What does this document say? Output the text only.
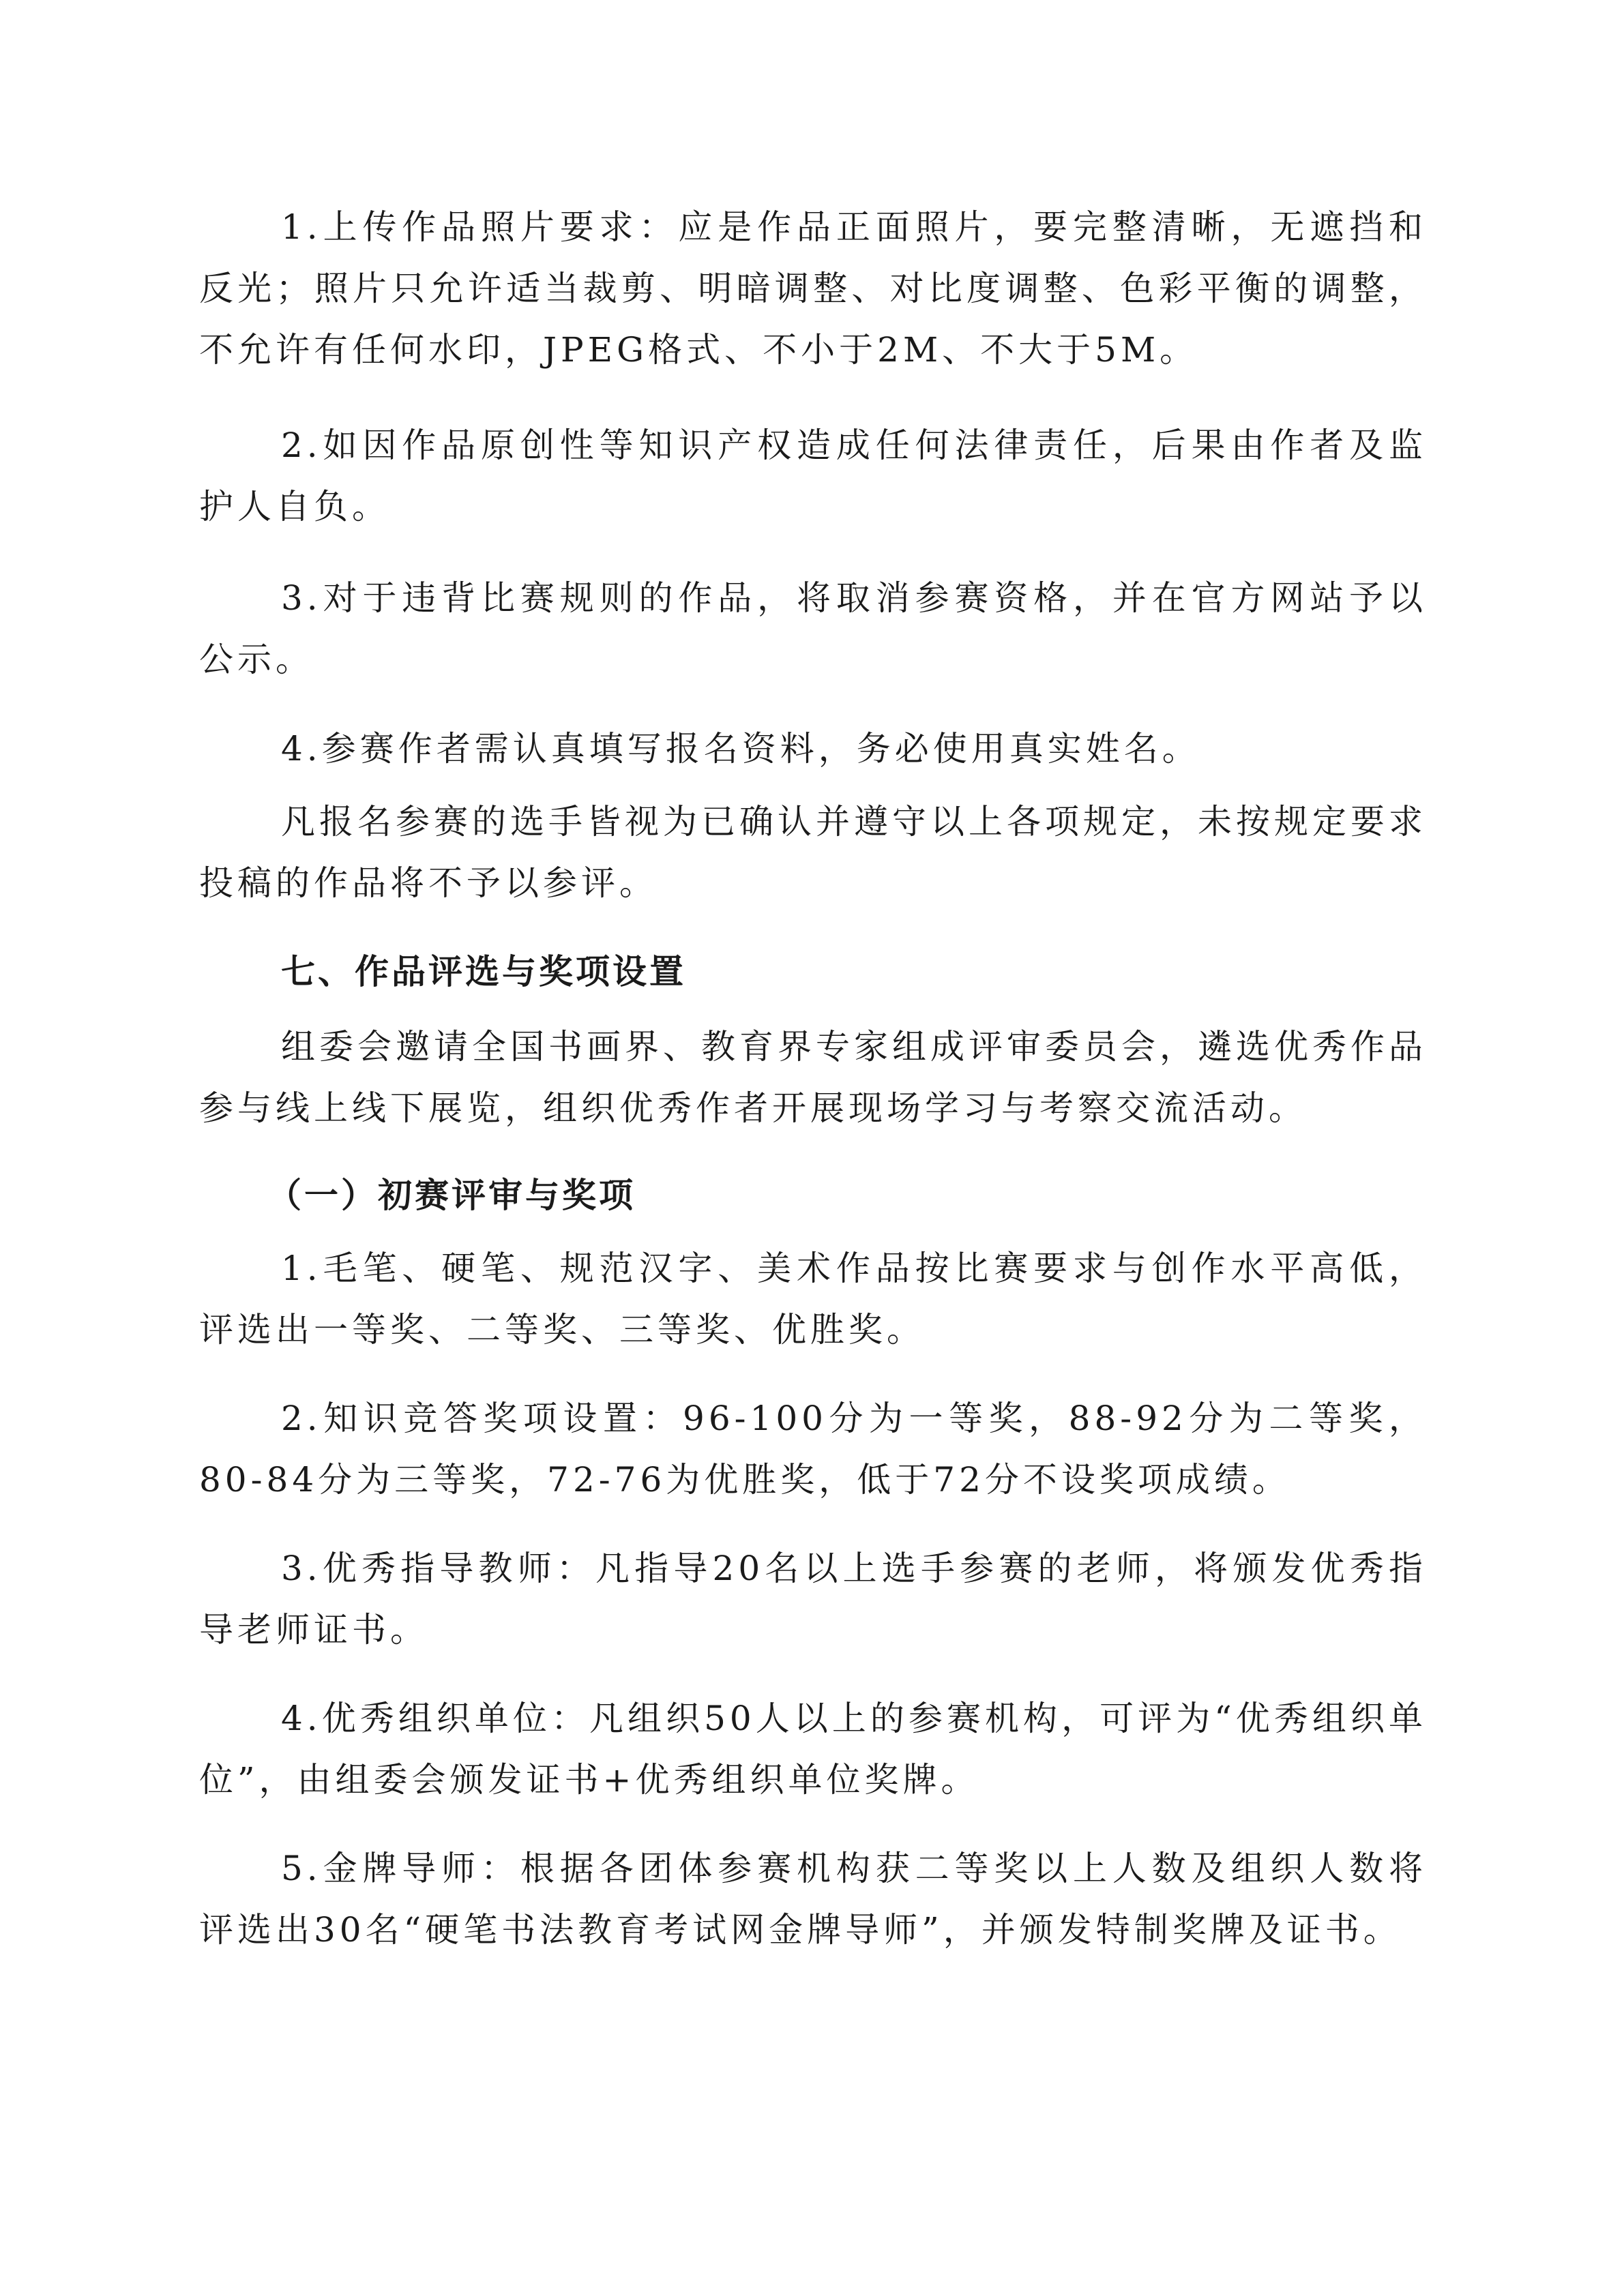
1.上传作品照片要求：应是作品正面照片，要完整清晰，无遮挡和反光；照片只允许适当裁剪、明暗调整、对比度调整、色彩平衡的调整，不允许有任何水印，JPEG格式、不小于2M、不大于5M。

2.如因作品原创性等知识产权造成任何法律责任，后果由作者及监护人自负。

3.对于违背比赛规则的作品，将取消参赛资格，并在官方网站予以公示。

4.参赛作者需认真填写报名资料，务必使用真实姓名。

凡报名参赛的选手皆视为已确认并遵守以上各项规定，未按规定要求投稿的作品将不予以参评。

七、作品评选与奖项设置

组委会邀请全国书画界、教育界专家组成评审委员会，遴选优秀作品参与线上线下展览，组织优秀作者开展现场学习与考察交流活动。

（一）初赛评审与奖项

1.毛笔、硬笔、规范汉字、美术作品按比赛要求与创作水平高低，评选出一等奖、二等奖、三等奖、优胜奖。

2.知识竞答奖项设置：96-100分为一等奖，88-92分为二等奖，80-84分为三等奖，72-76为优胜奖，低于72分不设奖项成绩。

3.优秀指导教师：凡指导20名以上选手参赛的老师，将颁发优秀指导老师证书。

4.优秀组织单位：凡组织50人以上的参赛机构，可评为“优秀组织单位”，由组委会颁发证书+优秀组织单位奖牌。

5.金牌导师：根据各团体参赛机构获二等奖以上人数及组织人数将评选出30名“硬笔书法教育考试网金牌导师”，并颁发特制奖牌及证书。
